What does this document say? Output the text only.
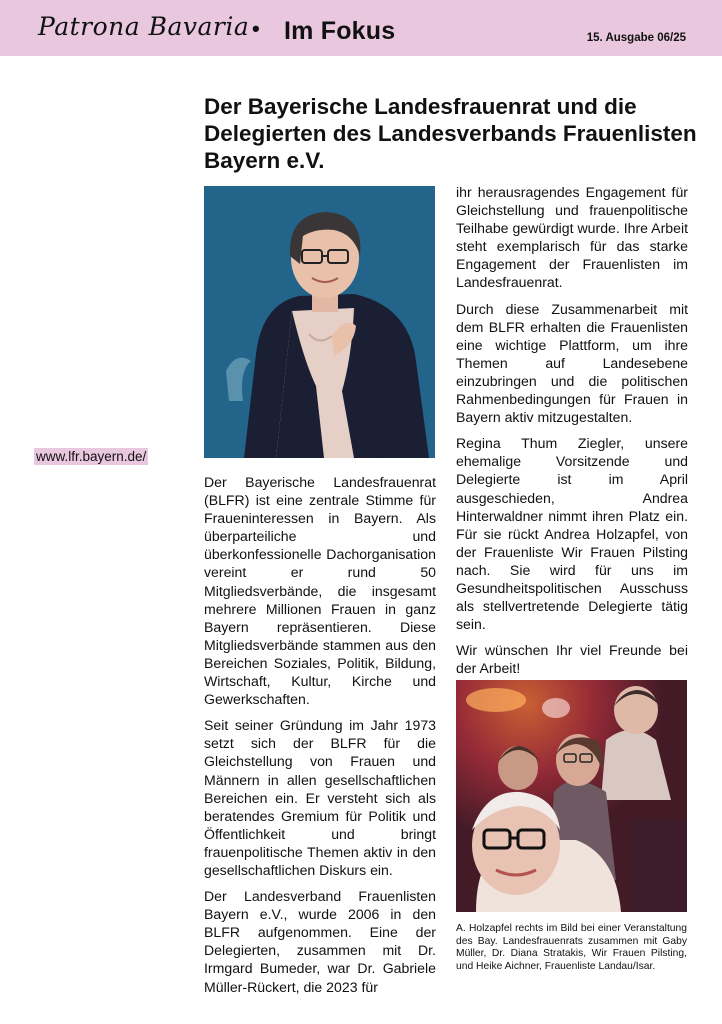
Patrona Bavaria • Im Fokus	15. Ausgabe 06/25
Der Bayerische Landesfrauenrat und die Delegierten des Landesverbands Frauenlisten Bayern e.V.
www.lfr.bayern.de/

Der Bayerische Landesfrauenrat (BLFR) ist eine zentrale Stimme für Fraueninteressen in Bayern. Als überparteiliche und überkonfessionelle Dachorganisation vereint er rund 50 Mitgliedsverbände, die insgesamt mehrere Millionen Frauen in ganz Bayern repräsentieren. Diese Mitgliedsverbände stammen aus den Bereichen Soziales, Politik, Bildung, Wirtschaft, Kultur, Kirche und Gewerkschaften.

Seit seiner Gründung im Jahr 1973 setzt sich der BLFR für die Gleichstellung von Frauen und Männern in allen gesellschaftlichen Bereichen ein. Er versteht sich als beratendes Gremium für Politik und Öffentlichkeit und bringt frauenpolitische Themen aktiv in den gesellschaftlichen Diskurs ein.

Der Landesverband Frauenlisten Bayern e.V., wurde 2006 in den BLFR aufgenommen. Eine der Delegierten, zusammen mit Dr. Irmgard Bumeder, war Dr. Gabriele Müller-Rückert, die 2023 für

ihr herausragendes Engagement für Gleichstellung und frauenpolitische Teilhabe gewürdigt wurde. Ihre Arbeit steht exemplarisch für das starke Engagement der Frauenlisten im Landesfrauenrat.

Durch diese Zusammenarbeit mit dem BLFR erhalten die Frauenlisten eine wichtige Plattform, um ihre Themen auf Landesebene einzubringen und die politischen Rahmenbedingungen für Frauen in Bayern aktiv mitzugestalten.

Regina Thum Ziegler, unsere ehemalige Vorsitzende und Delegierte ist im April ausgeschieden, Andrea Hinterwaldner nimmt ihren Platz ein. Für sie rückt Andrea Holzapfel, von der Frauenliste Wir Frauen Pilsting nach. Sie wird für uns im Gesundheitspolitischen Ausschuss als stellvertretende Delegierte tätig sein.

Wir wünschen Ihr viel Freunde bei der Arbeit!

A. Holzapfel rechts im Bild bei einer Veranstaltung des Bay. Landesfrauenrats zusammen mit Gaby Müller, Dr. Diana Stratakis, Wir Frauen Pilsting, und Heike Aichner, Frauenliste Landau/Isar.
